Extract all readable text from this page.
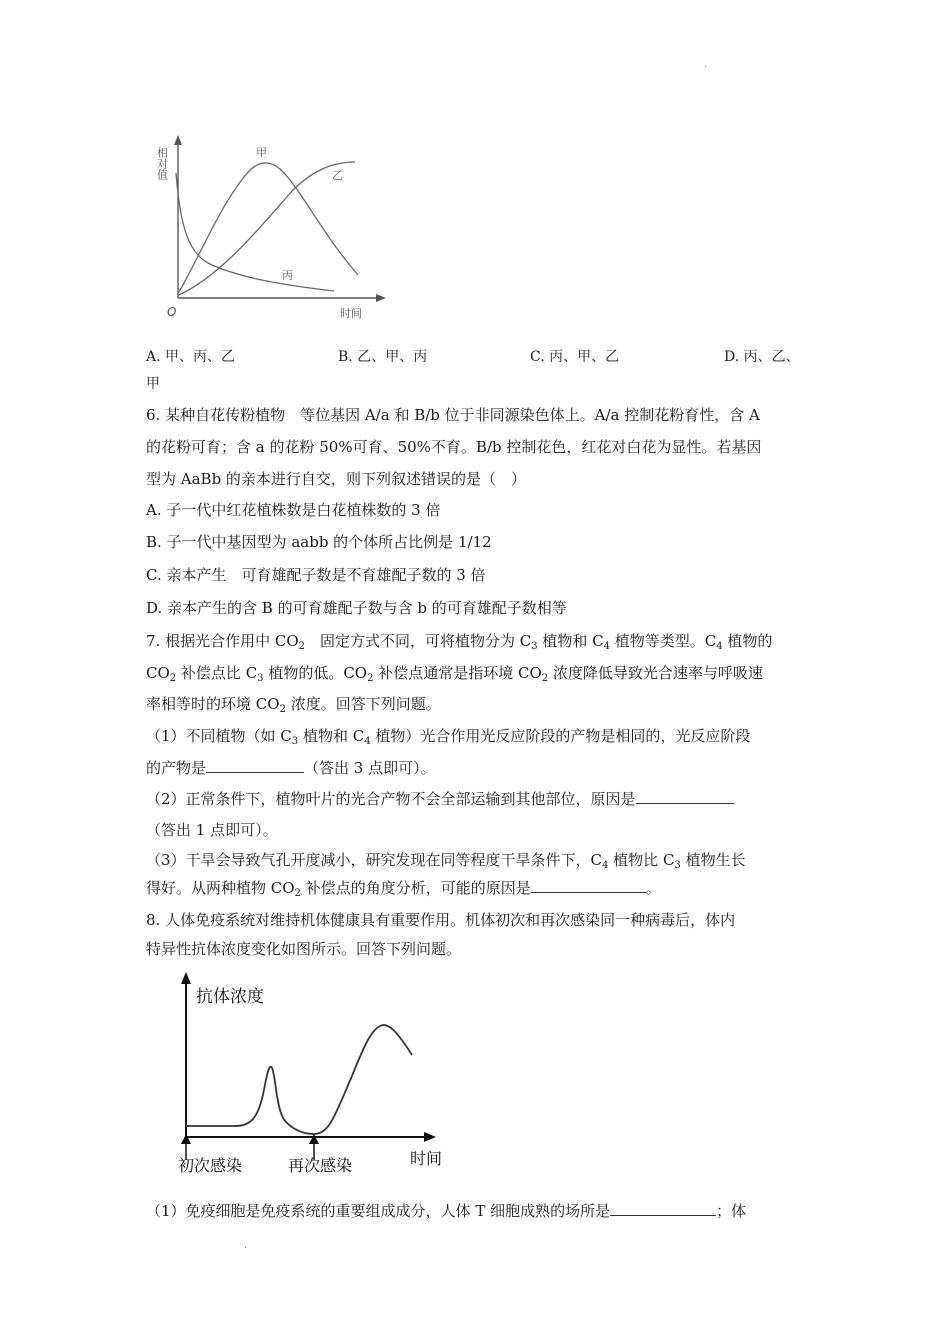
·
相对值	甲
乙
丙
O	时间
A. 甲、丙、乙	B. 乙、甲、丙	C. 丙、甲、乙	D. 丙、乙、
甲
6. 某种自花传粉植物　等位基因 A/a 和 B/b 位于非同源染色体上。A/a 控制花粉育性，含 A
的花粉可育；含 a 的花粉 50%可育、50%不育。B/b 控制花色，红花对白花为显性。若基因
型为 AaBb 的亲本进行自交，则下列叙述错误的是（　）
A. 子一代中红花植株数是白花植株数的 3 倍
B. 子一代中基因型为 aabb 的个体所占比例是 1/12
C. 亲本产生　可育雄配子数是不育雄配子数的 3 倍
D. 亲本产生的含 B 的可育雄配子数与含 b 的可育雄配子数相等
7. 根据光合作用中 $CO_2$　固定方式不同，可将植物分为 $C_3$ 植物和 $C_4$ 植物等类型。$C_4$ 植物的
$CO_2$ 补偿点比 $C_3$ 植物的低。$CO_2$ 补偿点通常是指环境 $CO_2$ 浓度降低导致光合速率与呼吸速
率相等时的环境 $CO_2$ 浓度。回答下列问题。
（1）不同植物（如 $C_3$ 植物和 $C_4$ 植物）光合作用光反应阶段的产物是相同的，光反应阶段
的产物是	（答出 3 点即可）。
（2）正常条件下，植物叶片的光合产物不会全部运输到其他部位，原因是
（答出 1 点即可）。
（3）干旱会导致气孔开度减小，研究发现在同等程度干旱条件下，$C_4$ 植物比 $C_3$ 植物生长
得好。从两种植物 $CO_2$ 补偿点的角度分析，可能的原因是	。
8. 人体免疫系统对维持机体健康具有重要作用。机体初次和再次感染同一种病毒后，体内
特异性抗体浓度变化如图所示。回答下列问题。
抗体浓度
初次感染	再次感染	时间
（1）免疫细胞是免疫系统的重要组成成分，人体 T 细胞成熟的场所是	；体
·
